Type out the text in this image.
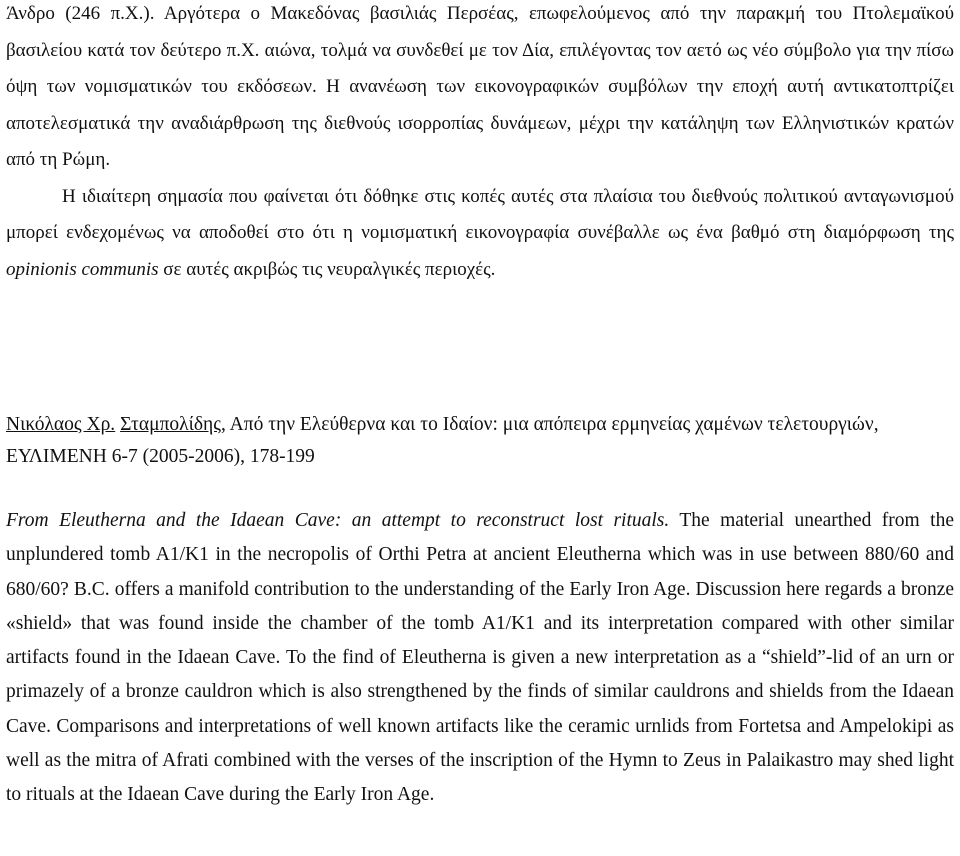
Άνδρο (246 π.Χ.). Αργότερα ο Μακεδόνας βασιλιάς Περσέας, επωφελούμενος από την παρακμή του Πτολεμαϊκού βασιλείου κατά τον δεύτερο π.Χ. αιώνα, τολμά να συνδεθεί με τον Δία, επιλέγοντας τον αετό ως νέο σύμβολο για την πίσω όψη των νομισματικών του εκδόσεων. Η ανανέωση των εικονογραφικών συμβόλων την εποχή αυτή αντικατοπτρίζει αποτελεσματικά την αναδιάρθρωση της διεθνούς ισορροπίας δυνάμεων, μέχρι την κατάληψη των Ελληνιστικών κρατών από τη Ρώμη.

Η ιδιαίτερη σημασία που φαίνεται ότι δόθηκε στις κοπές αυτές στα πλαίσια του διεθνούς πολιτικού ανταγωνισμού μπορεί ενδεχομένως να αποδοθεί στο ότι η νομισματική εικονογραφία συνέβαλλε ως ένα βαθμό στη διαμόρφωση της opinionis communis σε αυτές ακριβώς τις νευραλγικές περιοχές.

Νικόλαος Χρ. Σταμπολίδης, Από την Ελεύθερνα και το Ιδαίον: μια απόπειρα ερμηνείας χαμένων τελετουργιών, ΕΥΛΙΜΕΝΗ 6-7 (2005-2006), 178-199

From Eleutherna and the Idaean Cave: an attempt to reconstruct lost rituals. The material unearthed from the unplundered tomb A1/K1 in the necropolis of Orthi Petra at ancient Eleutherna which was in use between 880/60 and 680/60? B.C. offers a manifold contribution to the understanding of the Early Iron Age. Discussion here regards a bronze «shield» that was found inside the chamber of the tomb A1/K1 and its interpretation compared with other similar artifacts found in the Idaean Cave. To the find of Eleutherna is given a new interpretation as a “shield”-lid of an urn or primazely of a bronze cauldron which is also strengthened by the finds of similar cauldrons and shields from the Idaean Cave. Comparisons and interpretations of well known artifacts like the ceramic urnlids from Fortetsa and Ampelokipi as well as the mitra of Afrati combined with the verses of the inscription of the Hymn to Zeus in Palaikastro may shed light to rituals at the Idaean Cave during the Early Iron Age.
